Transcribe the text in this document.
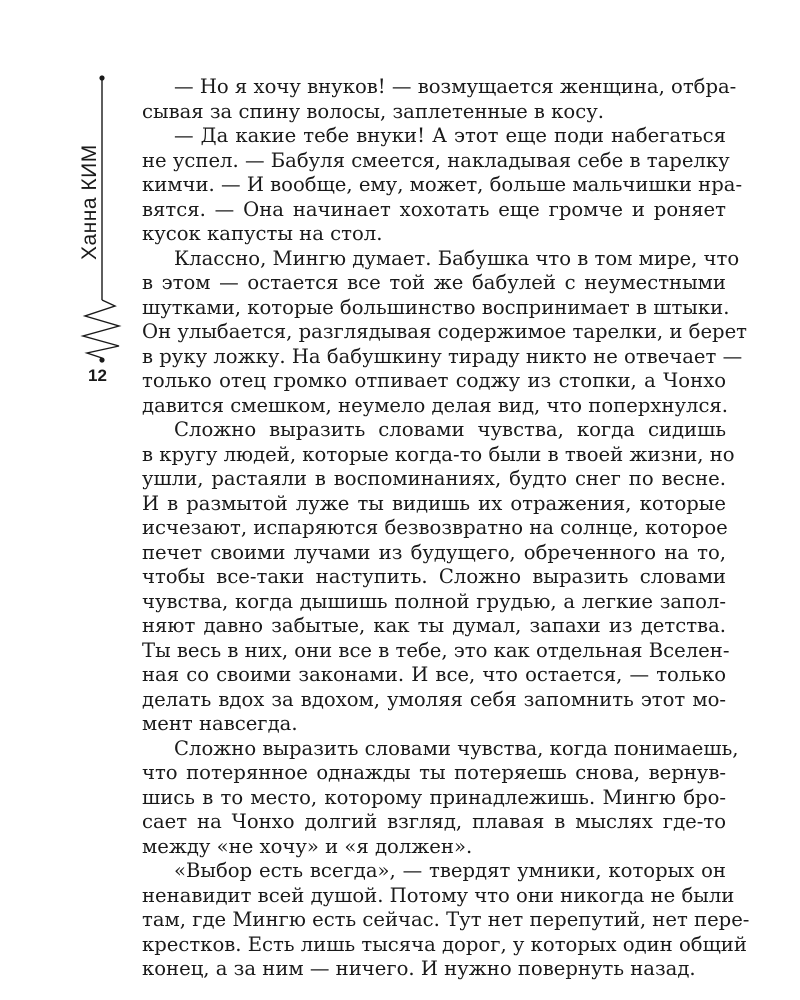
Ханна КИМ
12
— Но я хочу внуков! — возмущается женщина, отбра-
сывая за спину волосы, заплетенные в косу.
— Да какие тебе внуки! А этот еще поди набегаться
не успел. — Бабуля смеется, накладывая себе в тарелку
кимчи. — И вообще, ему, может, больше мальчишки нра-
вятся. — Она начинает хохотать еще громче и роняет
кусок капусты на стол.
Классно, Мингю думает. Бабушка что в том мире, что
в этом — остается все той же бабулей с неуместными
шутками, которые большинство воспринимает в штыки.
Он улыбается, разглядывая содержимое тарелки, и берет
в руку ложку. На бабушкину тираду никто не отвечает —
только отец громко отпивает соджу из стопки, а Чонхо
давится смешком, неумело делая вид, что поперхнулся.
Сложно выразить словами чувства, когда сидишь
в кругу людей, которые когда-то были в твоей жизни, но
ушли, растаяли в воспоминаниях, будто снег по весне.
И в размытой луже ты видишь их отражения, которые
исчезают, испаряются безвозвратно на солнце, которое
печет своими лучами из будущего, обреченного на то,
чтобы все-таки наступить. Сложно выразить словами
чувства, когда дышишь полной грудью, а легкие запол-
няют давно забытые, как ты думал, запахи из детства.
Ты весь в них, они все в тебе, это как отдельная Вселен-
ная со своими законами. И все, что остается, — только
делать вдох за вдохом, умоляя себя запомнить этот мо-
мент навсегда.
Сложно выразить словами чувства, когда понимаешь,
что потерянное однажды ты потеряешь снова, вернув-
шись в то место, которому принадлежишь. Мингю бро-
сает на Чонхо долгий взгляд, плавая в мыслях где-то
между «не хочу» и «я должен».
«Выбор есть всегда», — твердят умники, которых он
ненавидит всей душой. Потому что они никогда не были
там, где Мингю есть сейчас. Тут нет перепутий, нет пере-
крестков. Есть лишь тысяча дорог, у которых один общий
конец, а за ним — ничего. И нужно повернуть назад.
